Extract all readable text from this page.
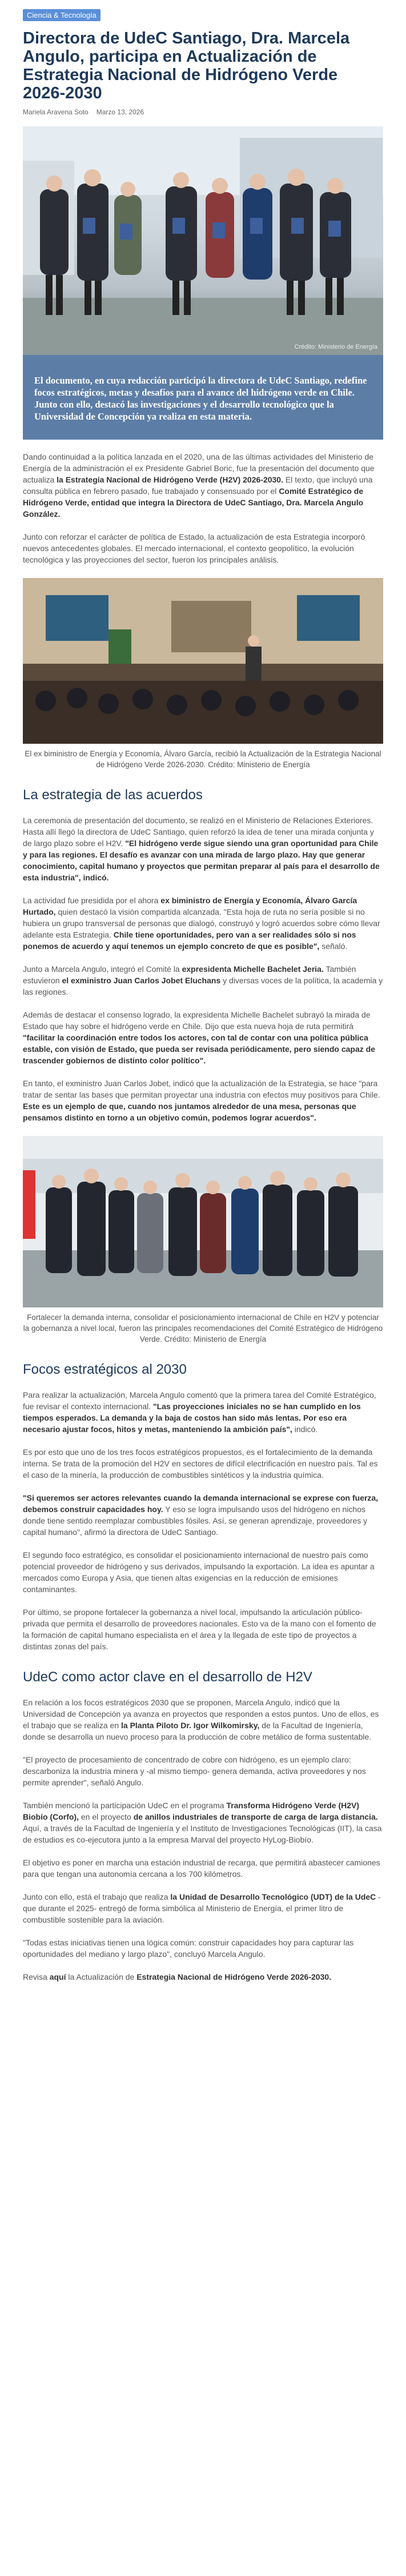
Ciencia & Tecnología
Directora de UdeC Santiago, Dra. Marcela Angulo, participa en Actualización de Estrategia Nacional de Hidrógeno Verde 2026-2030
Mariela Aravena Soto Marzo 13, 2026
Crédito: Ministerio de Energía
El documento, en cuya redacción participó la directora de UdeC Santiago, redefine focos estratégicos, metas y desafíos para el avance del hidrógeno verde en Chile. Junto con ello, destacó las investigaciones y el desarrollo tecnológico que la Universidad de Concepción ya realiza en esta materia.

Dando continuidad a la política lanzada en el 2020, una de las últimas actividades del Ministerio de Energía de la administración el ex Presidente Gabriel Boric, fue la presentación del documento que actualiza la Estrategia Nacional de Hidrógeno Verde (H2V) 2026-2030. El texto, que incluyó una consulta pública en febrero pasado, fue trabajado y consensuado por el Comité Estratégico de Hidrógeno Verde, entidad que integra la Directora de UdeC Santiago, Dra. Marcela Angulo González.

Junto con reforzar el carácter de política de Estado, la actualización de esta Estrategia incorporó nuevos antecedentes globales. El mercado internacional, el contexto geopolítico, la evolución tecnológica y las proyecciones del sector, fueron los principales análisis.

El ex biministro de Energía y Economía, Álvaro García, recibió la Actualización de la Estrategia Nacional de Hidrógeno Verde 2026-2030. Crédito: Ministerio de Energía

La estrategia de las acuerdos

La ceremonia de presentación del documento, se realizó en el Ministerio de Relaciones Exteriores. Hasta allí llegó la directora de UdeC Santiago, quien reforzó la idea de tener una mirada conjunta y de largo plazo sobre el H2V. "El hidrógeno verde sigue siendo una gran oportunidad para Chile y para las regiones. El desafío es avanzar con una mirada de largo plazo. Hay que generar conocimiento, capital humano y proyectos que permitan preparar al país para el desarrollo de esta industria", indicó.

La actividad fue presidida por el ahora ex biministro de Energía y Economía, Álvaro García Hurtado, quien destacó la visión compartida alcanzada. "Esta hoja de ruta no sería posible si no hubiera un grupo transversal de personas que dialogó, construyó y logró acuerdos sobre cómo llevar adelante esta Estrategia. Chile tiene oportunidades, pero van a ser realidades sólo si nos ponemos de acuerdo y aquí tenemos un ejemplo concreto de que es posible", señaló.

Junto a Marcela Angulo, integró el Comité la expresidenta Michelle Bachelet Jeria. También estuvieron el exministro Juan Carlos Jobet Eluchans y diversas voces de la política, la academia y las regiones.

Además de destacar el consenso logrado, la expresidenta Michelle Bachelet subrayó la mirada de Estado que hay sobre el hidrógeno verde en Chile. Dijo que esta nueva hoja de ruta permitirá "facilitar la coordinación entre todos los actores, con tal de contar con una política pública estable, con visión de Estado, que pueda ser revisada periódicamente, pero siendo capaz de trascender gobiernos de distinto color político".

En tanto, el exministro Juan Carlos Jobet, indicó que la actualización de la Estrategia, se hace "para tratar de sentar las bases que permitan proyectar una industria con efectos muy positivos para Chile. Este es un ejemplo de que, cuando nos juntamos alrededor de una mesa, personas que pensamos distinto en torno a un objetivo común, podemos lograr acuerdos".

Fortalecer la demanda interna, consolidar el posicionamiento internacional de Chile en H2V y potenciar la gobernanza a nivel local, fueron las principales recomendaciones del Comité Estratégico de Hidrógeno Verde. Crédito: Ministerio de Energía

Focos estratégicos al 2030

Para realizar la actualización, Marcela Angulo comentó que la primera tarea del Comité Estratégico, fue revisar el contexto internacional. "Las proyecciones iniciales no se han cumplido en los tiempos esperados. La demanda y la baja de costos han sido más lentas. Por eso era necesario ajustar focos, hitos y metas, manteniendo la ambición país", indicó.

Es por esto que uno de los tres focos estratégicos propuestos, es el fortalecimiento de la demanda interna. Se trata de la promoción del H2V en sectores de difícil electrificación en nuestro país. Tal es el caso de la minería, la producción de combustibles sintéticos y la industria química.

"Si queremos ser actores relevantes cuando la demanda internacional se exprese con fuerza, debemos construir capacidades hoy. Y eso se logra impulsando usos del hidrógeno en nichos donde tiene sentido reemplazar combustibles fósiles. Así, se generan aprendizaje, proveedores y capital humano", afirmó la directora de UdeC Santiago.

El segundo foco estratégico, es consolidar el posicionamiento internacional de nuestro país como potencial proveedor de hidrógeno y sus derivados, impulsando la exportación. La idea es apuntar a mercados como Europa y Asia, que tienen altas exigencias en la reducción de emisiones contaminantes.

Por último, se propone fortalecer la gobernanza a nivel local, impulsando la articulación público-privada que permita el desarrollo de proveedores nacionales. Esto va de la mano con el fomento de la formación de capital humano especialista en el área y la llegada de este tipo de proyectos a distintas zonas del país.

UdeC como actor clave en el desarrollo de H2V

En relación a los focos estratégicos 2030 que se proponen, Marcela Angulo, indicó que la Universidad de Concepción ya avanza en proyectos que responden a estos puntos. Uno de ellos, es el trabajo que se realiza en la Planta Piloto Dr. Igor Wilkomirsky, de la Facultad de Ingeniería, donde se desarrolla un nuevo proceso para la producción de cobre metálico de forma sustentable.

"El proyecto de procesamiento de concentrado de cobre con hidrógeno, es un ejemplo claro: descarboniza la industria minera y -al mismo tiempo- genera demanda, activa proveedores y nos permite aprender", señaló Angulo.

También mencionó la participación UdeC en el programa Transforma Hidrógeno Verde (H2V) Biobío (Corfo), en el proyecto de anillos industriales de transporte de carga de larga distancia. Aquí, a través de la Facultad de Ingeniería y el Instituto de Investigaciones Tecnológicas (IIT), la casa de estudios es co-ejecutora junto a la empresa Marval del proyecto HyLog-Biobío.

El objetivo es poner en marcha una estación industrial de recarga, que permitirá abastecer camiones para que tengan una autonomía cercana a los 700 kilómetros.

Junto con ello, está el trabajo que realiza la Unidad de Desarrollo Tecnológico (UDT) de la UdeC -que durante el 2025- entregó de forma simbólica al Ministerio de Energía, el primer litro de combustible sostenible para la aviación.

"Todas estas iniciativas tienen una lógica común: construir capacidades hoy para capturar las oportunidades del mediano y largo plazo", concluyó Marcela Angulo.

Revisa aquí la Actualización de Estrategia Nacional de Hidrógeno Verde 2026-2030.
